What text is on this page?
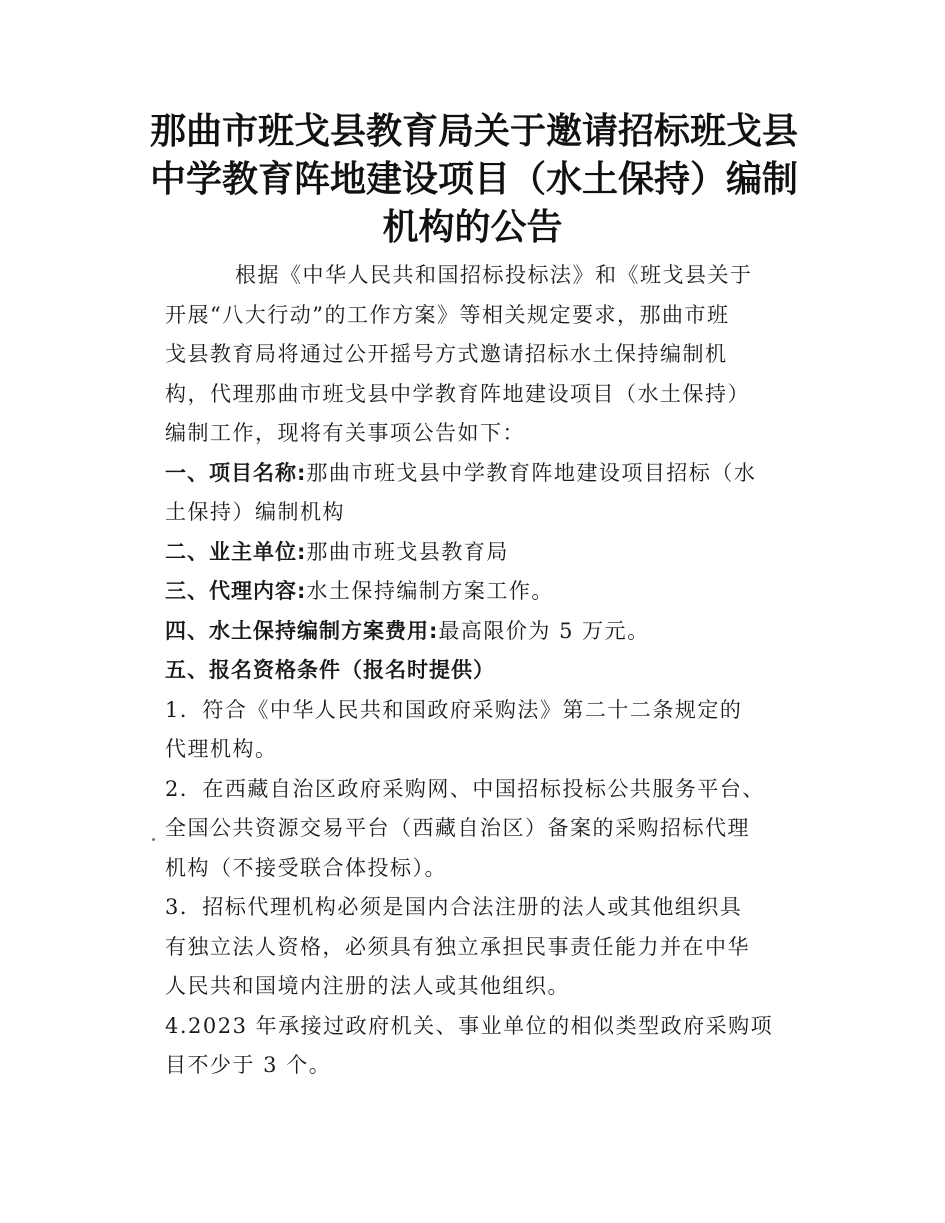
那曲市班戈县教育局关于邀请招标班戈县
中学教育阵地建设项目（水土保持）编制
机构的公告
根据《中华人民共和国招标投标法》和《班戈县关于
开展“八大行动”的工作方案》等相关规定要求，那曲市班
戈县教育局将通过公开摇号方式邀请招标水土保持编制机
构，代理那曲市班戈县中学教育阵地建设项目（水土保持）
编制工作，现将有关事项公告如下：
一、项目名称:那曲市班戈县中学教育阵地建设项目招标（水
土保持）编制机构
二、业主单位:那曲市班戈县教育局
三、代理内容:水土保持编制方案工作。
四、水土保持编制方案费用:最高限价为 5 万元。
五、报名资格条件（报名时提供）
1．符合《中华人民共和国政府采购法》第二十二条规定的
代理机构。
2．在西藏自治区政府采购网、中国招标投标公共服务平台、
全国公共资源交易平台（西藏自治区）备案的采购招标代理
机构（不接受联合体投标）。
3．招标代理机构必须是国内合法注册的法人或其他组织具
有独立法人资格，必须具有独立承担民事责任能力并在中华
人民共和国境内注册的法人或其他组织。
4.2023 年承接过政府机关、事业单位的相似类型政府采购项
目不少于 3 个。
